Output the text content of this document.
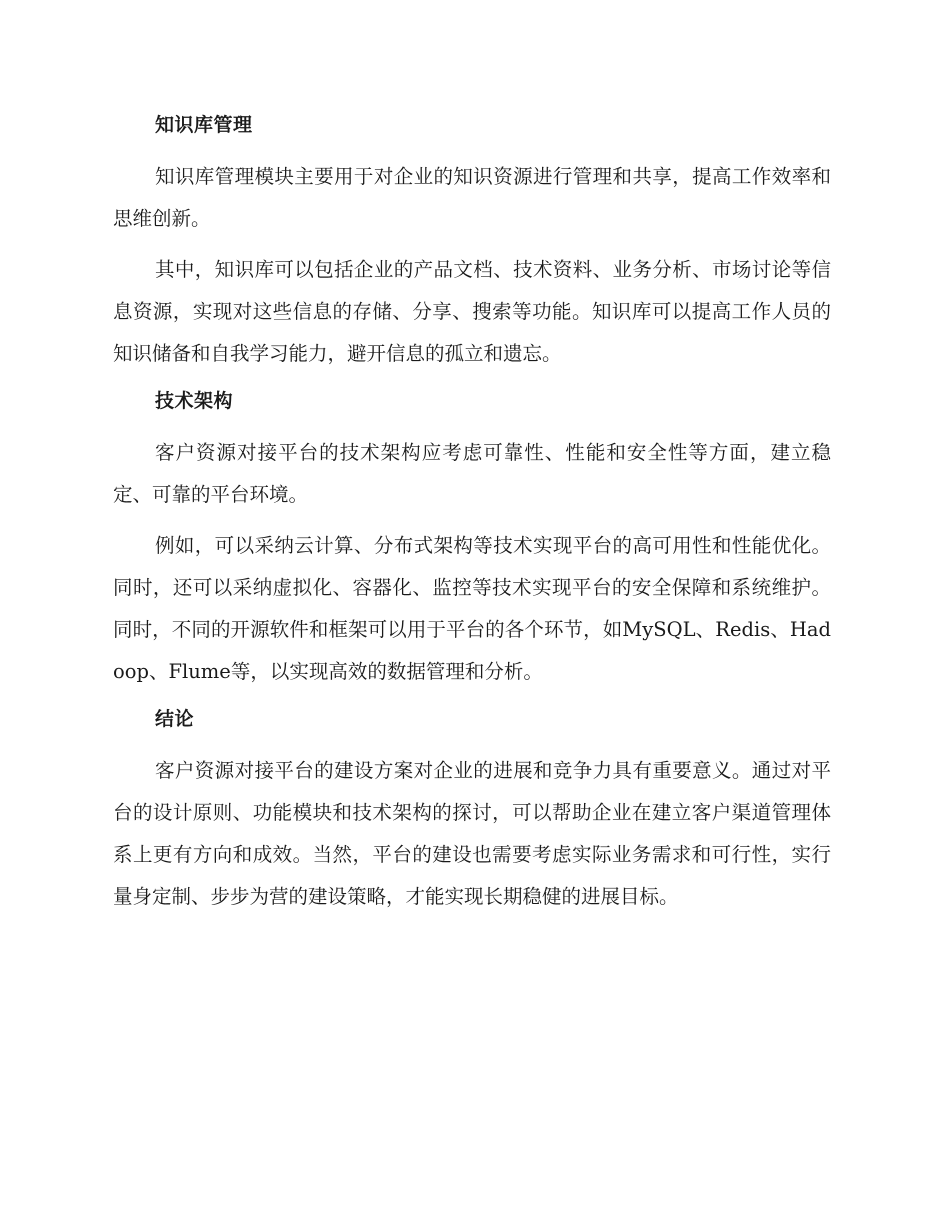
知识库管理

知识库管理模块主要用于对企业的知识资源进行管理和共享，提高工作效率和思维创新。

其中，知识库可以包括企业的产品文档、技术资料、业务分析、市场讨论等信息资源，实现对这些信息的存储、分享、搜索等功能。知识库可以提高工作人员的知识储备和自我学习能力，避开信息的孤立和遗忘。

技术架构

客户资源对接平台的技术架构应考虑可靠性、性能和安全性等方面，建立稳定、可靠的平台环境。

例如，可以采纳云计算、分布式架构等技术实现平台的高可用性和性能优化。同时，还可以采纳虚拟化、容器化、监控等技术实现平台的安全保障和系统维护。同时，不同的开源软件和框架可以用于平台的各个环节，如MySQL、Redis、Hadoop、Flume等，以实现高效的数据管理和分析。

结论

客户资源对接平台的建设方案对企业的进展和竞争力具有重要意义。通过对平台的设计原则、功能模块和技术架构的探讨，可以帮助企业在建立客户渠道管理体系上更有方向和成效。当然，平台的建设也需要考虑实际业务需求和可行性，实行量身定制、步步为营的建设策略，才能实现长期稳健的进展目标。
